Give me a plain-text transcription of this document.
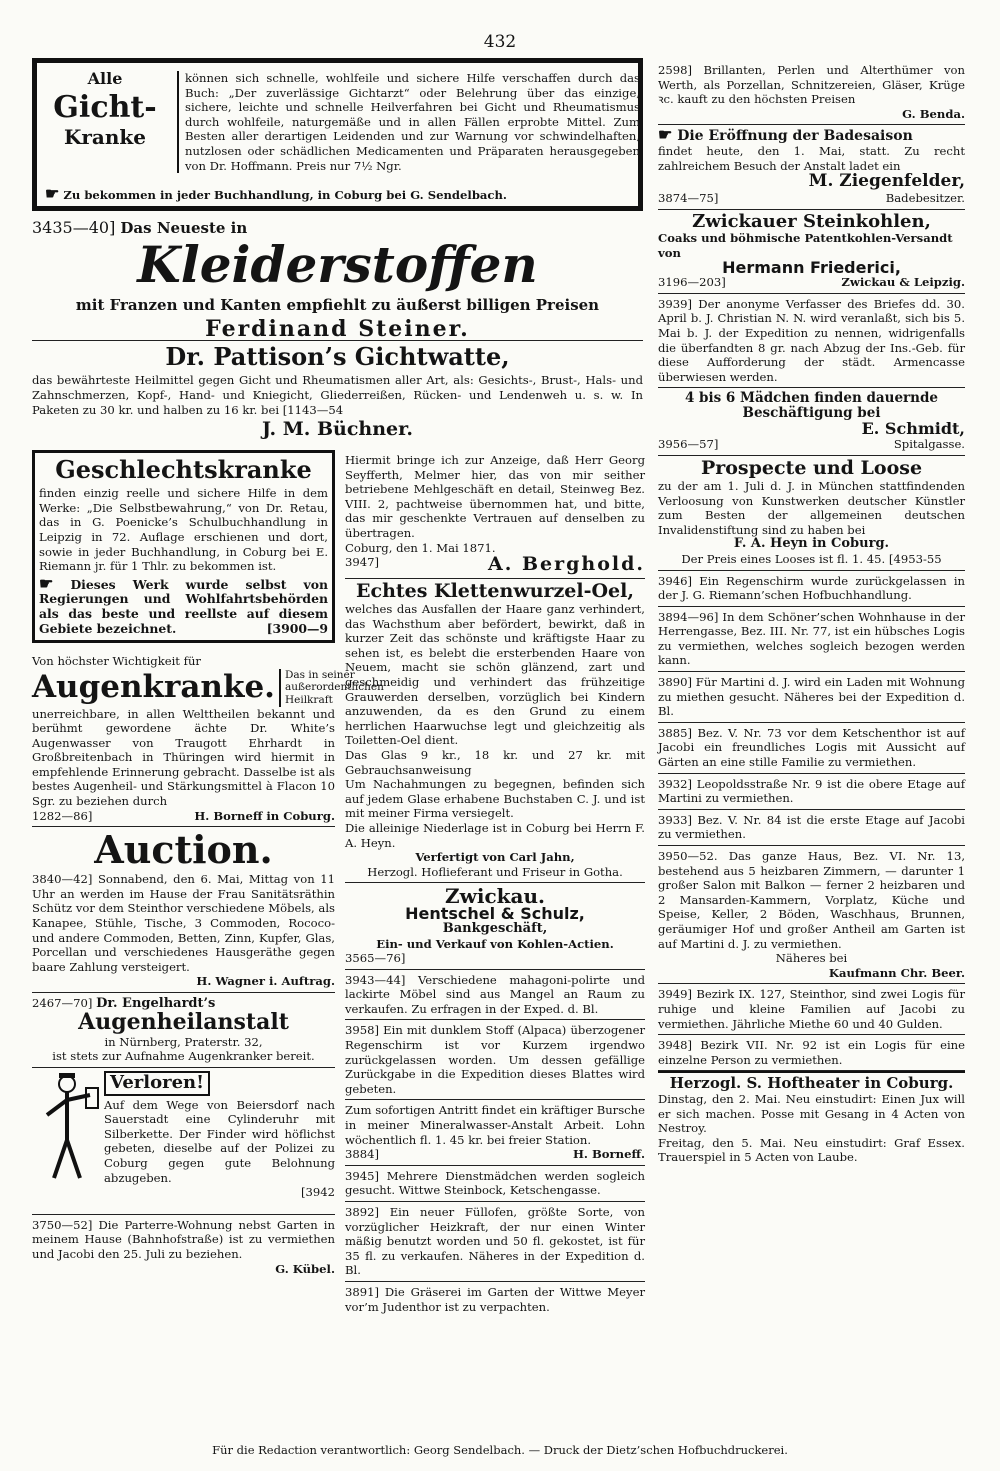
432
Alle
Gicht-
Kranke
können sich schnelle, wohlfeile und sichere Hilfe verschaffen durch das Buch: „Der zuverlässige Gichtarzt“ oder Belehrung über das einzige, sichere, leichte und schnelle Heilverfahren bei Gicht und Rheumatismus durch wohlfeile, naturgemäße und in allen Fällen erprobte Mittel. Zum Besten aller derartigen Leidenden und zur Warnung vor schwindelhaften, nutzlosen oder schädlichen Medicamenten und Präparaten herausgegeben von Dr. Hoffmann. Preis nur 7½ Ngr.
☛ Zu bekommen in jeder Buchhandlung, in Coburg bei G. Sendelbach.

3435—40] Das Neueste in

Kleiderstoffen

mit Franzen und Kanten empfiehlt zu äußerst billigen Preisen

Ferdinand Steiner.

Dr. Pattison’s Gichtwatte,

das bewährteste Heilmittel gegen Gicht und Rheumatismen aller Art, als: Gesichts-, Brust-, Hals- und Zahnschmerzen, Kopf-, Hand- und Kniegicht, Gliederreißen, Rücken- und Lendenweh u. s. w. In Paketen zu 30 kr. und halben zu 16 kr. bei [1143—54

J. M. Büchner.

Geschlechtskranke

finden einzig reelle und sichere Hilfe in dem Werke: „Die Selbstbewahrung,“ von Dr. Retau, das in G. Poenicke’s Schulbuchhandlung in Leipzig in 72. Auflage erschienen und dort, sowie in jeder Buchhandlung, in Coburg bei E. Riemann jr. für 1 Thlr. zu bekommen ist.

☛ Dieses Werk wurde selbst von Regierungen und Wohlfahrtsbehörden als das beste und reellste auf diesem Gebiete bezeichnet.	[3900—9

Von höchster Wichtigkeit für

Augenkranke. Das in seiner außerordentlichen Heilkraft

unerreichbare, in allen Welttheilen bekannt und berühmt gewordene ächte Dr. White’s Augenwasser von Traugott Ehrhardt in Großbreitenbach in Thüringen wird hiermit in empfehlende Erinnerung gebracht. Dasselbe ist als bestes Augenheil- und Stärkungsmittel à Flacon 10 Sgr. zu beziehen durch

1282—86]	H. Borneff in Coburg.

Auction.

3840—42] Sonnabend, den 6. Mai, Mittag von 11 Uhr an werden im Hause der Frau Sanitätsräthin Schütz vor dem Steinthor verschiedene Möbels, als Kanapee, Stühle, Tische, 3 Commoden, Rococo- und andere Commoden, Betten, Zinn, Kupfer, Glas, Porcellan und verschiedenes Hausgeräthe gegen baare Zahlung versteigert.

H. Wagner i. Auftrag.

2467—70] Dr. Engelhardt’s

Augenheilanstalt

in Nürnberg, Praterstr. 32,

ist stets zur Aufnahme Augenkranker bereit.

Verloren!

Auf dem Wege von Beiersdorf nach Sauerstadt eine Cylinderuhr mit Silberkette. Der Finder wird höflichst gebeten, dieselbe auf der Polizei zu Coburg gegen gute Belohnung abzugeben.

[3942

3750—52] Die Parterre-Wohnung nebst Garten in meinem Hause (Bahnhofstraße) ist zu vermiethen und Jacobi den 25. Juli zu beziehen.

G. Kübel.

Hiermit bringe ich zur Anzeige, daß Herr Georg Seyfferth, Melmer hier, das von mir seither betriebene Mehlgeschäft en detail, Steinweg Bez. VIII. 2, pachtweise übernommen hat, und bitte, das mir geschenkte Vertrauen auf denselben zu übertragen.

Coburg, den 1. Mai 1871.

3947]	A. Berghold.

Echtes Klettenwurzel-Oel,

welches das Ausfallen der Haare ganz verhindert, das Wachsthum aber befördert, bewirkt, daß in kurzer Zeit das schönste und kräftigste Haar zu sehen ist, es belebt die ersterbenden Haare von Neuem, macht sie schön glänzend, zart und geschmeidig und verhindert das frühzeitige Grauwerden derselben, vorzüglich bei Kindern anzuwenden, da es den Grund zu einem herrlichen Haarwuchse legt und gleichzeitig als Toiletten-Oel dient.

Das Glas 9 kr., 18 kr. und 27 kr. mit Gebrauchsanweisung

Um Nachahmungen zu begegnen, befinden sich auf jedem Glase erhabene Buchstaben C. J. und ist mit meiner Firma versiegelt.

Die alleinige Niederlage ist in Coburg bei Herrn F. A. Heyn.

Verfertigt von Carl Jahn,

Herzogl. Hoflieferant und Friseur in Gotha.

Zwickau.

Hentschel & Schulz,

Bankgeschäft,

Ein- und Verkauf von Kohlen-Actien.

3565—76]

3943—44] Verschiedene mahagoni-polirte und lackirte Möbel sind aus Mangel an Raum zu verkaufen. Zu erfragen in der Exped. d. Bl.

3958] Ein mit dunklem Stoff (Alpaca) überzogener Regenschirm ist vor Kurzem irgendwo zurückgelassen worden. Um dessen gefällige Zurückgabe in die Expedition dieses Blattes wird gebeten.

Zum sofortigen Antritt findet ein kräftiger Bursche in meiner Mineralwasser-Anstalt Arbeit. Lohn wöchentlich fl. 1. 45 kr. bei freier Station.

3884]	H. Borneff.

3945] Mehrere Dienstmädchen werden sogleich gesucht. Wittwe Steinbock, Ketschengasse.

3892] Ein neuer Füllofen, größte Sorte, von vorzüglicher Heizkraft, der nur einen Winter mäßig benutzt worden und 50 fl. gekostet, ist für 35 fl. zu verkaufen. Näheres in der Expedition d. Bl.

3891] Die Gräserei im Garten der Wittwe Meyer vor’m Judenthor ist zu verpachten.

2598] Brillanten, Perlen und Alterthümer von Werth, als Porzellan, Schnitzereien, Gläser, Krüge ꝛc. kauft zu den höchsten Preisen

G. Benda.

☛ Die Eröffnung der Badesaison

findet heute, den 1. Mai, statt. Zu recht zahlreichem Besuch der Anstalt ladet ein

M. Ziegenfelder,

3874—75]	Badebesitzer.

Zwickauer Steinkohlen,

Coaks und böhmische Patentkohlen-Versandt von

Hermann Friederici,

3196—203]	Zwickau & Leipzig.

3939] Der anonyme Verfasser des Briefes dd. 30. April b. J. Christian N. N. wird veranlaßt, sich bis 5. Mai b. J. der Expedition zu nennen, widrigenfalls die überfandten 8 gr. nach Abzug der Ins.-Geb. für diese Aufforderung der städt. Armencasse überwiesen werden.

4 bis 6 Mädchen finden dauernde Beschäftigung bei

E. Schmidt,

3956—57]	Spitalgasse.

Prospecte und Loose

zu der am 1. Juli d. J. in München stattfindenden Verloosung von Kunstwerken deutscher Künstler zum Besten der allgemeinen deutschen Invalidenstiftung sind zu haben bei

F. A. Heyn in Coburg.

Der Preis eines Looses ist fl. 1. 45. [4953-55

3946] Ein Regenschirm wurde zurückgelassen in der J. G. Riemann’schen Hofbuchhandlung.

3894—96] In dem Schöner’schen Wohnhause in der Herrengasse, Bez. III. Nr. 77, ist ein hübsches Logis zu vermiethen, welches sogleich bezogen werden kann.

3890] Für Martini d. J. wird ein Laden mit Wohnung zu miethen gesucht. Näheres bei der Expedition d. Bl.

3885] Bez. V. Nr. 73 vor dem Ketschenthor ist auf Jacobi ein freundliches Logis mit Aussicht auf Gärten an eine stille Familie zu vermiethen.

3932] Leopoldsstraße Nr. 9 ist die obere Etage auf Martini zu vermiethen.

3933] Bez. V. Nr. 84 ist die erste Etage auf Jacobi zu vermiethen.

3950—52. Das ganze Haus, Bez. VI. Nr. 13, bestehend aus 5 heizbaren Zimmern, — darunter 1 großer Salon mit Balkon — ferner 2 heizbaren und 2 Mansarden-Kammern, Vorplatz, Küche und Speise, Keller, 2 Böden, Waschhaus, Brunnen, geräumiger Hof und großer Antheil am Garten ist auf Martini d. J. zu vermiethen.

Näheres bei

Kaufmann Chr. Beer.

3949] Bezirk IX. 127, Steinthor, sind zwei Logis für ruhige und kleine Familien auf Jacobi zu vermiethen. Jährliche Miethe 60 und 40 Gulden.

3948] Bezirk VII. Nr. 92 ist ein Logis für eine einzelne Person zu vermiethen.

Herzogl. S. Hoftheater in Coburg.

Dinstag, den 2. Mai. Neu einstudirt: Einen Jux will er sich machen. Posse mit Gesang in 4 Acten von Nestroy.

Freitag, den 5. Mai. Neu einstudirt: Graf Essex. Trauerspiel in 5 Acten von Laube.

Für die Redaction verantwortlich: Georg Sendelbach. — Druck der Dietz’schen Hofbuchdruckerei.
